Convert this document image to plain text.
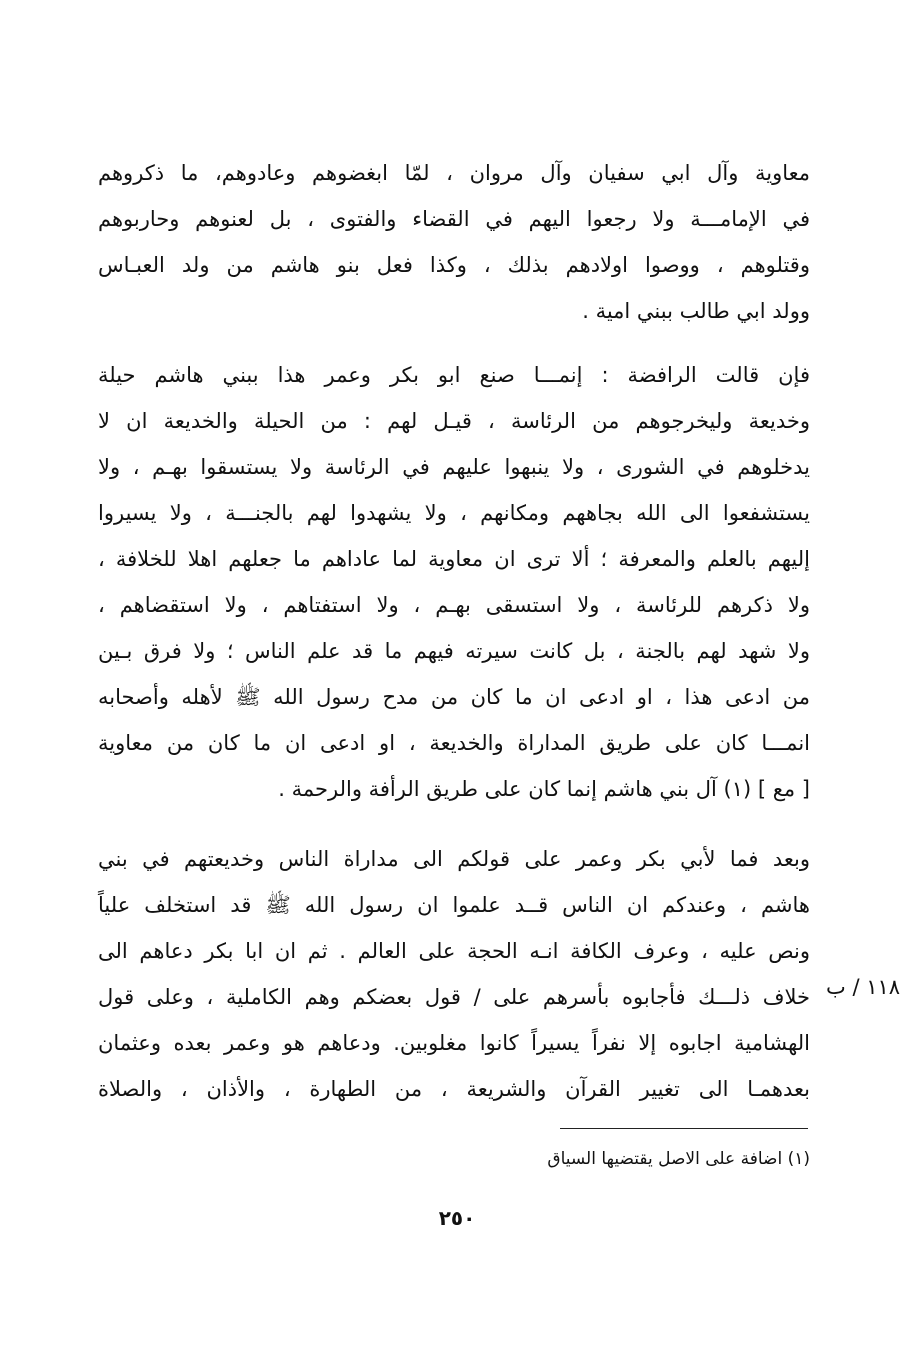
معاوية وآل ابي سفيان وآل مروان ، لمّا ابغضوهم وعادوهم، ما ذكروهم
في الإمامـــة ولا رجعوا اليهم في القضاء والفتوى ، بل لعنوهم وحاربوهم
وقتلوهم ، ووصوا اولادهم بذلك ، وكذا فعل بنو هاشم من ولد العبـاس
وولد ابي طالب ببني امية .
فإن قالت الرافضة : إنمـــا صنع ابو بكر وعمر هذا ببني هاشم حيلة
وخديعة وليخرجوهم من الرئاسة ، قيـل لهم : من الحيلة والخديعة ان لا
يدخلوهم في الشورى ، ولا ينبهوا عليهم في الرئاسة ولا يستسقوا بهـم ، ولا
يستشفعوا الى الله بجاههم ومكانهم ، ولا يشهدوا لهم بالجنـــة ، ولا يسيروا
إليهم بالعلم والمعرفة ؛ ألا ترى ان معاوية لما عاداهم ما جعلهم اهلا للخلافة ،
ولا ذكرهم للرئاسة ، ولا استسقى بهـم ، ولا استفتاهم ، ولا استقضاهم ،
ولا شهد لهم بالجنة ، بل كانت سيرته فيهم ما قد علم الناس ؛ ولا فرق بـين
من ادعى هذا ، او ادعى ان ما كان من مدح رسول الله ﷺ لأهله وأصحابه
انمـــا كان على طريق المداراة والخديعة ، او ادعى ان ما كان من معاوية
[ مع ] (١) آل بني هاشم إنما كان على طريق الرأفة والرحمة .
وبعد فما لأبي بكر وعمر على قولكم الى مداراة الناس وخديعتهم في بني
هاشم ، وعندكم ان الناس قــد علموا ان رسول الله ﷺ قد استخلف علياً
ونص عليه ، وعرف الكافة انـه الحجة على العالم . ثم ان ابا بكر دعاهم الى
خلاف ذلـــك فأجابوه بأسرهم على / قول بعضكم وهم الكاملية ، وعلى قول
الهشامية اجابوه إلا نفراً يسيراً كانوا مغلوبين. ودعاهم هو وعمر بعده وعثمان
بعدهمـا الى تغيير القرآن والشريعة ، من الطهارة ، والأذان ، والصلاة
١١٨ / ب
(١) اضافة على الاصل يقتضيها السياق
٢٥٠
